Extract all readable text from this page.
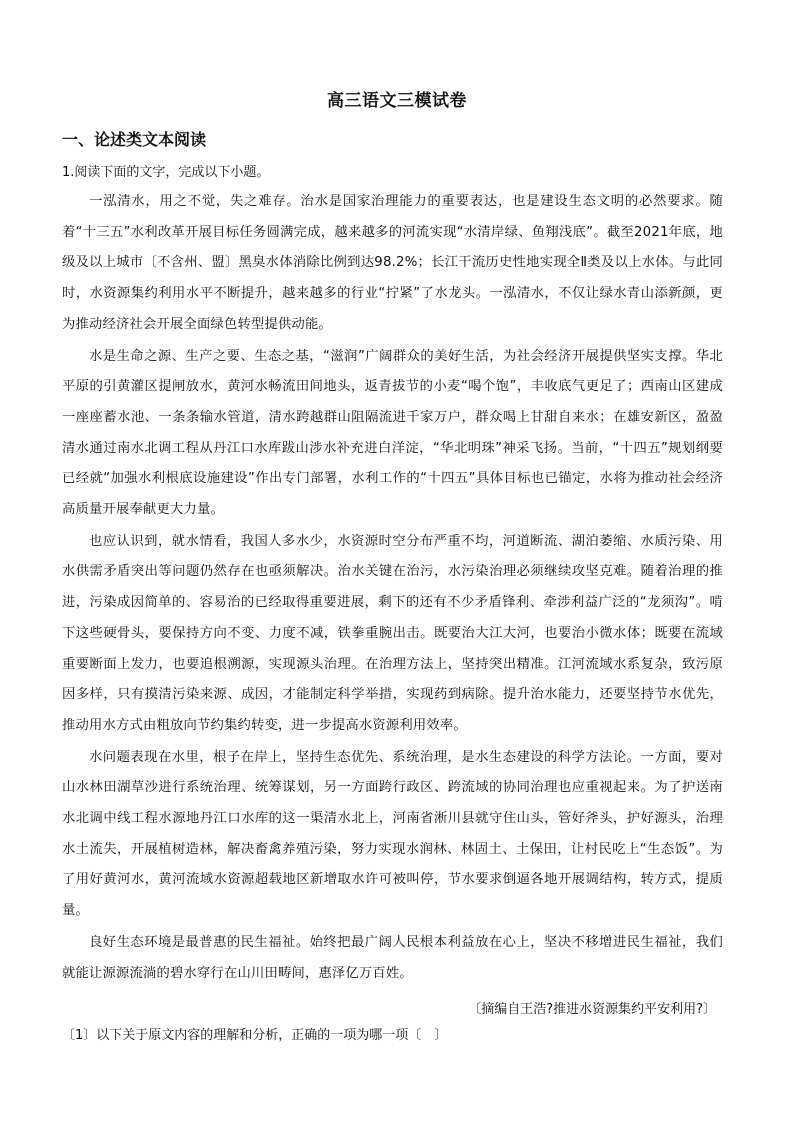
高三语文三模试卷
一、论述类文本阅读
1.阅读下面的文字，完成以下小题。

一泓清水，用之不觉，失之难存。治水是国家治理能力的重要表达，也是建设生态文明的必然要求。随着“十三五”水利改革开展目标任务圆满完成，越来越多的河流实现“水清岸绿、鱼翔浅底”。截至2021年底，地级及以上城市〔不含州、盟〕黑臭水体消除比例到达98.2%；长江干流历史性地实现全Ⅱ类及以上水体。与此同时，水资源集约利用水平不断提升，越来越多的行业“拧紧”了水龙头。一泓清水，不仅让绿水青山添新颜，更为推动经济社会开展全面绿色转型提供动能。

水是生命之源、生产之要、生态之基，“滋润”广阔群众的美好生活，为社会经济开展提供坚实支撑。华北平原的引黄灌区提闸放水，黄河水畅流田间地头，返青拔节的小麦“喝个饱”，丰收底气更足了；西南山区建成一座座蓄水池、一条条输水管道，清水跨越群山阻隔流进千家万户，群众喝上甘甜自来水；在雄安新区，盈盈清水通过南水北调工程从丹江口水库跋山涉水补充进白洋淀，“华北明珠”神采飞扬。当前，“十四五”规划纲要已经就“加强水利根底设施建设”作出专门部署，水利工作的“十四五”具体目标也已锚定，水将为推动社会经济高质量开展奉献更大力量。

也应认识到，就水情看，我国人多水少，水资源时空分布严重不均，河道断流、湖泊萎缩、水质污染、用水供需矛盾突出等问题仍然存在也亟须解决。治水关键在治污，水污染治理必须继续攻坚克难。随着治理的推进，污染成因简单的、容易治的已经取得重要进展，剩下的还有不少矛盾锋利、牵涉利益广泛的“龙须沟”。啃下这些硬骨头，要保持方向不变、力度不减，铁拳重腕出击。既要治大江大河，也要治小微水体；既要在流域重要断面上发力，也要追根溯源，实现源头治理。在治理方法上，坚持突出精准。江河流域水系复杂，致污原因多样，只有摸清污染来源、成因，才能制定科学举措，实现药到病除。提升治水能力，还要坚持节水优先，推动用水方式由粗放向节约集约转变，进一步提高水资源利用效率。

水问题表现在水里，根子在岸上，坚持生态优先、系统治理，是水生态建设的科学方法论。一方面，要对山水林田湖草沙进行系统治理、统筹谋划，另一方面跨行政区、跨流域的协同治理也应重视起来。为了护送南水北调中线工程水源地丹江口水库的这一渠清水北上，河南省淅川县就守住山头，管好斧头，护好源头，治理水土流失，开展植树造林，解决畜禽养殖污染，努力实现水润林、林固土、土保田，让村民吃上“生态饭”。为了用好黄河水，黄河流域水资源超载地区新增取水许可被叫停，节水要求倒逼各地开展调结构，转方式，提质量。

良好生态环境是最普惠的民生福祉。始终把最广阔人民根本利益放在心上，坚决不移增进民生福祉，我们就能让源源流淌的碧水穿行在山川田畴间，惠泽亿万百姓。

〔摘编自王浩?推进水资源集约平安利用?〕
〔1〕以下关于原文内容的理解和分析，正确的一项为哪一项〔　〕
